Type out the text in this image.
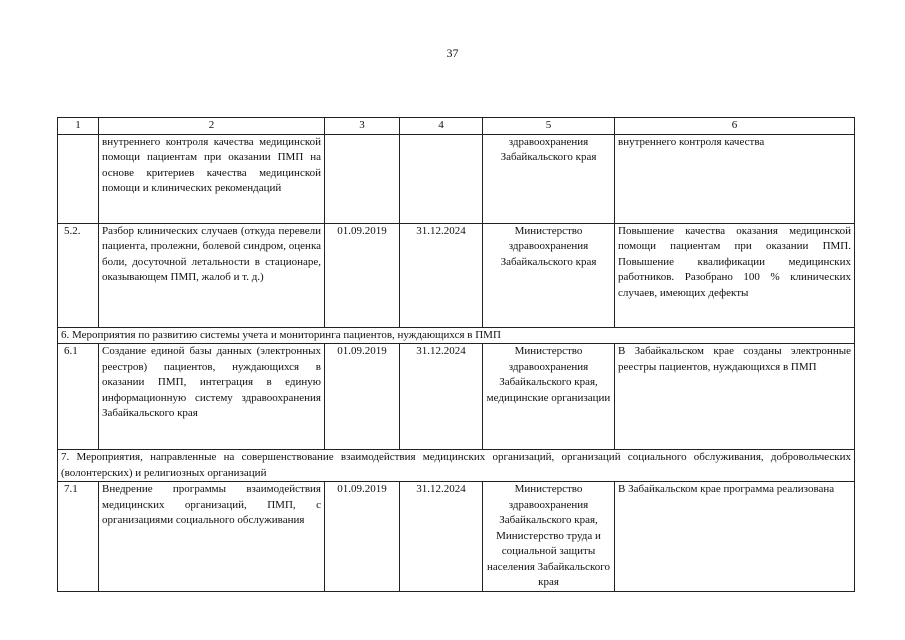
37
1	2	3	4	5	6
	внутреннего контроля качества медицинской помощи пациентам при оказании ПМП на основе критериев качества медицинской помощи и клинических рекомендаций			здравоохранения Забайкальского края	внутреннего контроля качества
5.2.	Разбор клинических случаев (откуда перевели пациента, пролежни, болевой синдром, оценка боли, досуточной летальности в стационаре, оказывающем ПМП, жалоб и т. д.)	01.09.2019	31.12.2024	Министерство здравоохранения Забайкальского края	Повышение качества оказания медицинской помощи пациентам при оказании ПМП. Повышение квалификации медицинских работников. Разобрано 100 % клинических случаев, имеющих дефекты
6. Мероприятия по развитию системы учета и мониторинга пациентов, нуждающихся в ПМП					
6.1	Создание единой базы данных (электронных реестров) пациентов, нуждающихся в оказании ПМП, интеграция в единую информационную систему здравоохранения Забайкальского края	01.09.2019	31.12.2024	Министерство здравоохранения Забайкальского края, медицинские организации	В Забайкальском крае созданы электронные реестры пациентов, нуждающихся в ПМП
7. Мероприятия, направленные на совершенствование взаимодействия медицинских организаций, организаций социального обслуживания, добровольческих (волонтерских) и религиозных организаций					
7.1	Внедрение программы взаимодействия медицинских организаций, ПМП, с организациями социального обслуживания	01.09.2019	31.12.2024	Министерство здравоохранения Забайкальского края, Министерство труда и социальной защиты населения Забайкальского края	В Забайкальском крае программа реализована
